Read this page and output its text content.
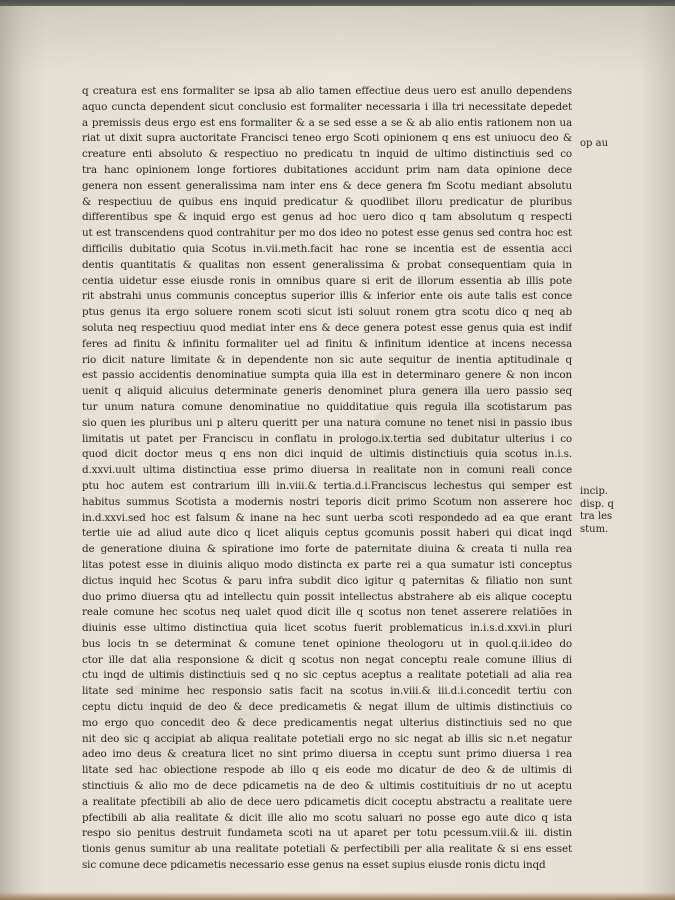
q creatura est ens formaliter se ipsa ab alio tamen effectiue deus uero est anullo dependens
aquo cuncta dependent sicut conclusio est formaliter necessaria i illa tri necessitate depedet
a premissis deus ergo est ens formaliter & a se sed esse a se & ab alio entis rationem non ua
riat ut dixit supra auctoritate Francisci teneo ergo Scoti opinionem q ens est uniuocu deo &
creature enti absoluto & respectiuo no predicatu tn inquid de ultimo distinctiuis sed co
tra hanc opinionem longe fortiores dubitationes accidunt prim nam data opinione dece
genera non essent generalissima nam inter ens & dece genera fm Scotu mediant absolutu
& respectiuu de quibus ens inquid predicatur & quodlibet illoru predicatur de pluribus
differentibus spe & inquid ergo est genus ad hoc uero dico q tam absolutum q respecti
ut est transcendens quod contrahitur per mo dos ideo no potest esse genus sed contra hoc est
difficilis dubitatio quia Scotus in.vii.meth.facit hac rone se incentia est de essentia acci
dentis quantitatis & qualitas non essent generalissima & probat consequentiam quia in
centia uidetur esse eiusde ronis in omnibus quare si erit de illorum essentia ab illis pote
rit abstrahi unus communis conceptus superior illis & inferior ente ois aute talis est conce
ptus genus ita ergo soluere ronem scoti sicut isti soluut ronem gtra scotu dico q neq ab
soluta neq respectiuu quod mediat inter ens & dece genera potest esse genus quia est indif
feres ad finitu & infinitu formaliter uel ad finitu & infinitum identice at incens necessa
rio dicit nature limitate & in dependente non sic aute sequitur de inentia aptitudinale q
est passio accidentis denominatiue sumpta quia illa est in determinaro genere & non incon
uenit q aliquid alicuius determinate generis denominet plura genera illa uero passio seq
tur unum natura comune denominatiue no quidditatiue quis regula illa scotistarum pas
sio quen ies pluribus uni p alteru queritt per una natura comune no tenet nisi in passio ibus
limitatis ut patet per Franciscu in conflatu in prologo.ix.tertia sed dubitatur ulterius i co
quod dicit doctor meus q ens non dici inquid de ultimis distinctiuis quia scotus in.i.s.
d.xxvi.uult ultima distinctiua esse primo diuersa in realitate non in comuni reali conce
ptu hoc autem est contrarium illi in.viii.& tertia.d.i.Franciscus lechestus qui semper est
habitus summus Scotista a modernis nostri teporis dicit primo Scotum non asserere hoc
in.d.xxvi.sed hoc est falsum & inane na hec sunt uerba scoti respondedo ad ea que erant
tertie uie ad aliud aute dico q licet aliquis ceptus gcomunis possit haberi qui dicat inqd
de generatione diuina & spiratione imo forte de paternitate diuina & creata ti nulla rea
litas potest esse in diuinis aliquo modo distincta ex parte rei a qua sumatur isti conceptus
dictus inquid hec Scotus & paru infra subdit dico igitur q paternitas & filiatio non sunt
duo primo diuersa qtu ad intellectu quin possit intellectus abstrahere ab eis alique coceptu
reale comune hec scotus neq ualet quod dicit ille q scotus non tenet asserere relatiões in
diuinis esse ultimo distinctiua quia licet scotus fuerit problematicus in.i.s.d.xxvi.in pluri
bus locis tn se determinat & comune tenet opinione theologoru ut in quol.q.ii.ideo do
ctor ille dat alia responsione & dicit q scotus non negat conceptu reale comune illius di
ctu inqd de ultimis distinctiuis sed q no sic ceptus aceptus a realitate potetiali ad alia rea
litate sed minime hec responsio satis facit na scotus in.viii.& iii.d.i.concedit tertiu con
ceptu dictu inquid de deo & dece predicametis & negat illum de ultimis distinctiuis co
mo ergo quo concedit deo & dece predicamentis negat ulterius distinctiuis sed no que
nit deo sic q accipiat ab aliqua realitate potetiali ergo no sic negat ab illis sic n.et negatur
adeo imo deus & creatura licet no sint primo diuersa in cceptu sunt primo diuersa i rea
litate sed hac obiectione respode ab illo q eis eode mo dicatur de deo & de ultimis di
stinctiuis & alio mo de dece pdicametis na de deo & ultimis costituitiuis dr no ut aceptu
a realitate pfectibili ab alio de dece uero pdicametis dicit coceptu abstractu a realitate uere
pfectibili ab alia realitate & dicit ille alio mo scotu saluari no posse ego aute dico q ista
respo sio penitus destruit fundameta scoti na ut aparet per totu pcessum.viii.& iii. distin
tionis genus sumitur ab una realitate potetiali & perfectibili per alia realitate & si ens esset
sic comune dece pdicametis necessario esse genus na esset supius eiusde ronis dictu inqd
op au
incip.
disp. q
tra les
stum.
